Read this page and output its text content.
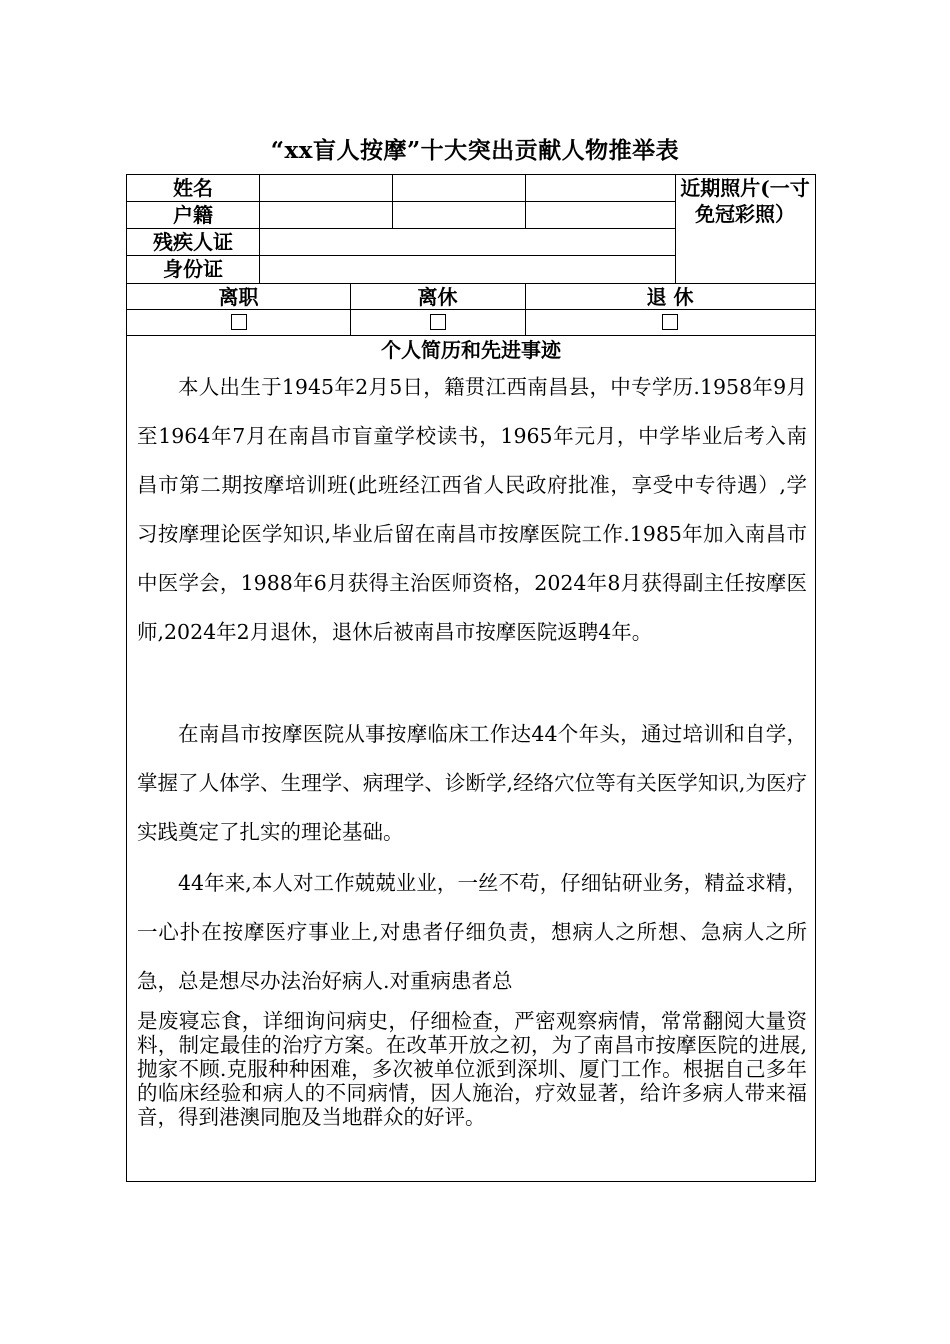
“xx盲人按摩”十大突出贡献人物推举表
姓名
户籍
残疾人证
身份证
近期照片(一寸免冠彩照）
离职	离休	退 休
个人简历和先进事迹

本人出生于1945年2月5日，籍贯江西南昌县，中专学历.1958年9月至1964年7月在南昌市盲童学校读书，1965年元月，中学毕业后考入南昌市第二期按摩培训班(此班经江西省人民政府批准，享受中专待遇）,学习按摩理论医学知识,毕业后留在南昌市按摩医院工作.1985年加入南昌市中医学会，1988年6月获得主治医师资格，2024年8月获得副主任按摩医师,2024年2月退休，退休后被南昌市按摩医院返聘4年。

在南昌市按摩医院从事按摩临床工作达44个年头，通过培训和自学，掌握了人体学、生理学、病理学、诊断学,经络穴位等有关医学知识,为医疗实践奠定了扎实的理论基础。

44年来,本人对工作兢兢业业，一丝不苟，仔细钻研业务，精益求精，一心扑在按摩医疗事业上,对患者仔细负责，想病人之所想、急病人之所急，总是想尽办法治好病人.对重病患者总

是废寝忘食，详细询问病史，仔细检查，严密观察病情，常常翻阅大量资料，制定最佳的治疗方案。在改革开放之初，为了南昌市按摩医院的进展,抛家不顾.克服种种困难，多次被单位派到深圳、厦门工作。根据自己多年的临床经验和病人的不同病情，因人施治，疗效显著，给许多病人带来福音，得到港澳同胞及当地群众的好评。
